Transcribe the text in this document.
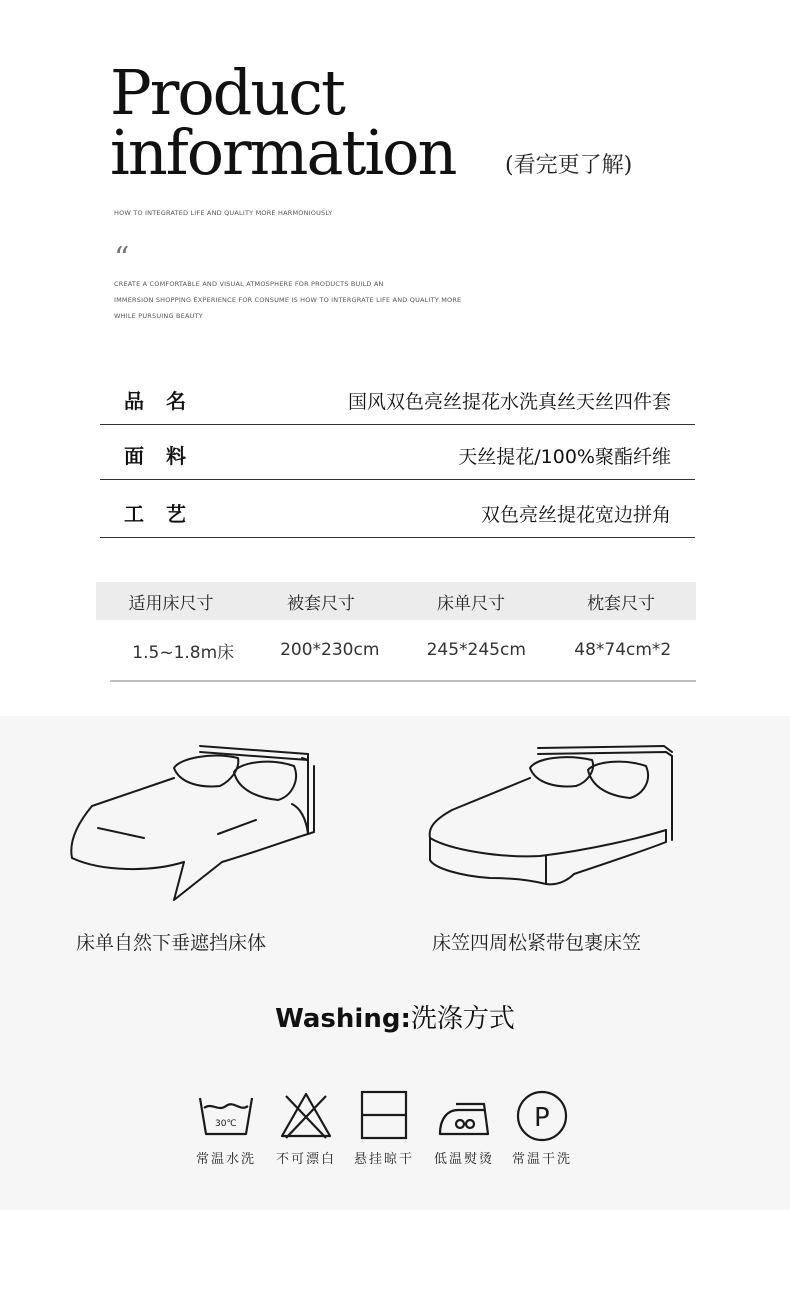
Product
information (看完更了解)
HOW TO INTEGRATED LIFE AND QUALITY MORE HARMONIOUSLY
“
CREATE A COMFORTABLE AND VISUAL ATMOSPHERE FOR PRODUCTS BUILD AN
IMMERSION SHOPPING EXPERIENCE FOR CONSUME IS HOW TO INTERGRATE LIFE AND QUALITY MORE
WHILE PURSUING BEAUTY
品名	国风双色亮丝提花水洗真丝天丝四件套
面料	天丝提花/100%聚酯纤维
工艺	双色亮丝提花宽边拼角
适用床尺寸	被套尺寸	床单尺寸	枕套尺寸
1.5~1.8m床	200*230cm	245*245cm	48*74cm*2
床单自然下垂遮挡床体	床笠四周松紧带包裹床笠
Washing:洗涤方式
30℃	P
常温水洗	不可漂白	悬挂晾干	低温熨烫	常温干洗
